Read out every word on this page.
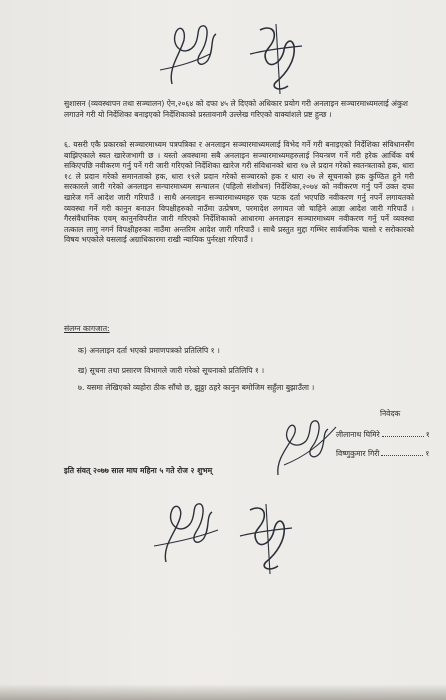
सुशासन (व्यवस्थापन तथा सञ्चालन) ऐन,२०६४ को दफा ४५ ले दिएको अधिकार प्रयोग गरी अनलाइन सञ्चारमाध्यमलाई अंकुश लगाउने गरी यो निर्देशिका बनाइएको निर्देशिकाको प्रस्तावनामै उल्लेख गरिएको वाक्यांशले प्रष्ट हुन्छ ।
६. यसरी एकै प्रकारको सञ्चारमाध्यम पत्रपत्रिका र अनलाइन सञ्चारमाध्यमलाई विभेद गर्ने गरी बनाइएको निर्देशिका संविधानसँग बाझिएकाले स्वत खारेजभागी छ । यस्तो अवस्थामा सबै अनलाइन सञ्चारमाध्यमहरुलाई नियन्त्रण गर्ने गरी हरेक आर्थिक वर्ष सकिएपछि नवीकरण गर्नु पर्ने गरी जारी गरिएको निर्देशिका खारेज गरी संविधानको धारा १७ ले प्रदान गरेको स्वतन्त्रताको हक, धारा १८ ले प्रदान गरेको समानताको हक, धारा १९ले प्रदान गरेको सञ्चारको हक र धारा २७ ले सूचनाको हक कुण्ठित हुने गरी सरकारले जारी गरेको अनलाइन सन्चारमाध्यम सन्चालन (पहिलो संशोधन) निर्देशिका,२०७४ को नवीकरण गर्नु पर्ने उक्त दफा खारेज गर्ने आदेश जारी गरिपाउँ । साथै अनलाइन सञ्चारमाध्यमहरु एक पटक दर्ता भएपछि नवीकरण गर्नु नपर्ने लगायतको व्यवस्था गर्ने गरी कानुन बनाउन विपक्षीहरुको नाउँमा उत्प्रेषण, परमादेश लगायत जो चाहिने आज्ञा आदेश जारी गरिपाउँ । गैरसंवैधानिक एवम् कानुनविपरीत जारी गरिएको निर्देशिकाको आधारमा अनलाइन सञ्चारमाध्यम नवीकरण गर्नु पर्ने व्यवस्था तत्काल लागु नगर्न विपक्षीहरुका नाउँमा अन्तरिम आदेश जारी गरिपाउँ । साथै प्रस्तुत मुद्दा गम्भिर सार्वजनिक चासो र सरोकारको विषय भएकोले यसलाई अग्राधिकारमा राखी न्यायिक पुर्नरक्षा गरिपाउँ ।
संलग्न कागजात:
क) अनलाइन दर्ता भएको प्रमाणपत्रको प्रतिलिपि १ ।
ख) सूचना तथा प्रसारण विभागले जारी गरेको सूचनाको प्रतिलिपि १ ।
७. यसमा लेखिएको व्यहोरा ठीक साँचो छ, झुठ्ठा ठहरे कानुन बमोजिम सहुँला बुझाउँला ।
निवेदक
लीलानाथ घिमिरे	१
विष्णुकुमार गिरी	१
इति संवत् २०७७ साल माघ महिना ५ गते रोज २ शुभम्
